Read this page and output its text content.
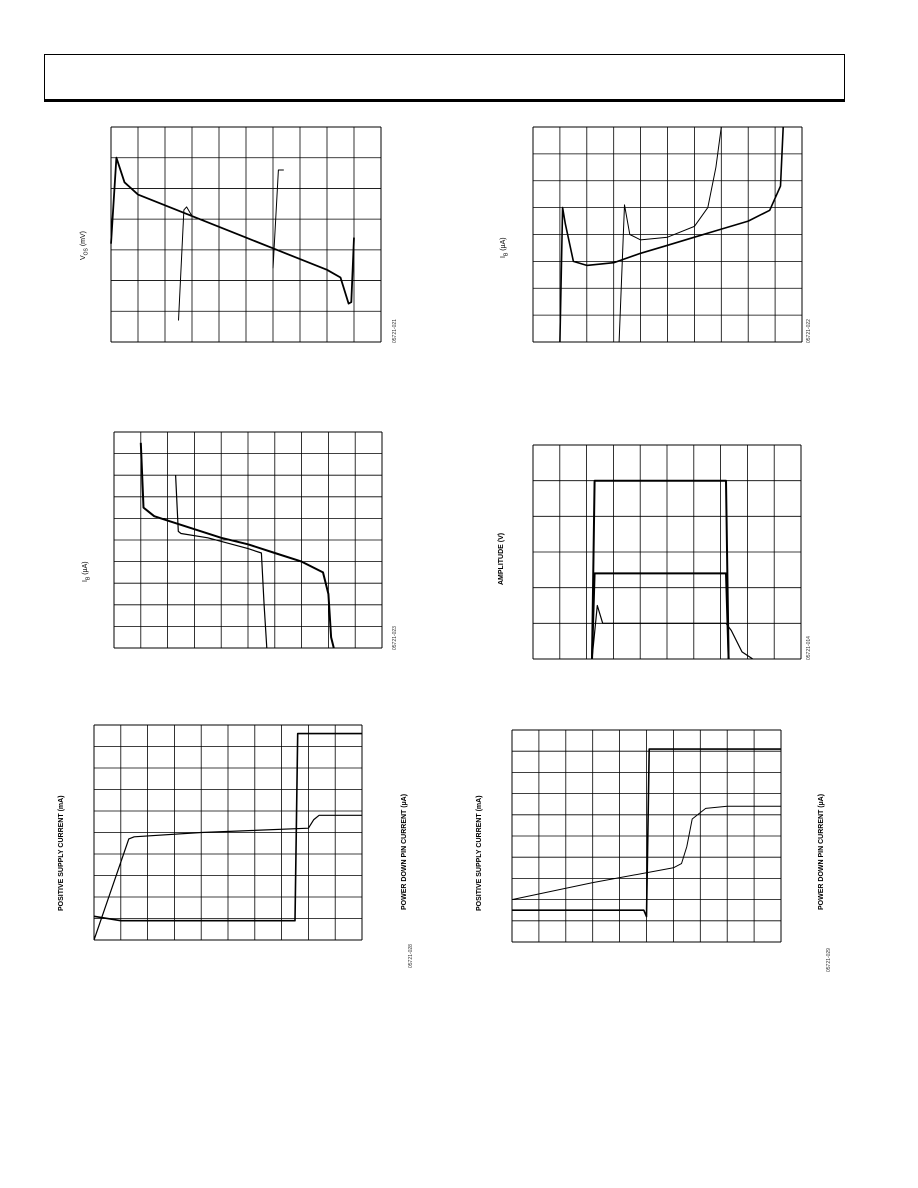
$V_{OS}$ (mV)
05721-021
$I_B$ (µA)
05721-022
$I_B$ (µA)
05721-023
AMPLITUDE (V)
05721-014
POSITIVE SUPPLY CURRENT (mA)	POWER DOWN PIN CURRENT (µA)
05721-028
POSITIVE SUPPLY CURRENT (mA)	POWER DOWN PIN CURRENT (µA)
05721-029
